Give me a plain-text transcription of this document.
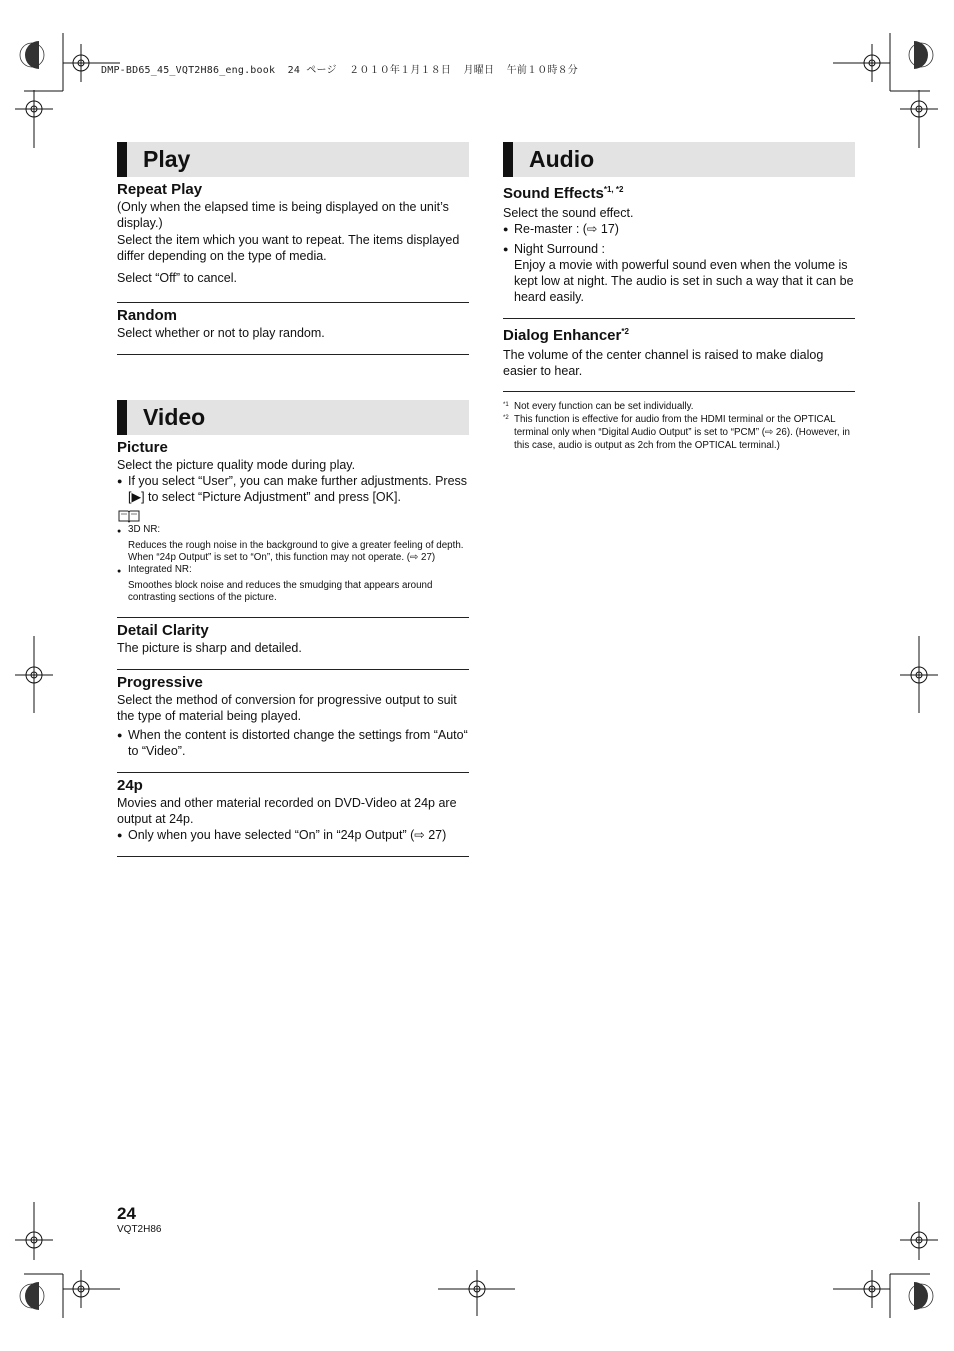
DMP-BD65_45_VQT2H86_eng.book  24 ページ  ２０１０年１月１８日  月曜日  午前１０時８分
Play
Repeat Play

(Only when the elapsed time is being displayed on the unit’s display.)

Select the item which you want to repeat. The items displayed differ depending on the type of media.

Select “Off” to cancel.

Random

Select whether or not to play random.

Video
Picture

Select the picture quality mode during play.

● If you select “User”, you can make further adjustments. Press [▶] to select “Picture Adjustment” and press [OK].
● 3D NR:
Reduces the rough noise in the background to give a greater feeling of depth.
When “24p Output” is set to “On”, this function may not operate. (⇨ 27)
● Integrated NR:
Smoothes block noise and reduces the smudging that appears around contrasting sections of the picture.
Detail Clarity

The picture is sharp and detailed.

Progressive

Select the method of conversion for progressive output to suit the type of material being played.

● When the content is distorted change the settings from “Auto“ to “Video”.
24p

Movies and other material recorded on DVD-Video at 24p are output at 24p.

● Only when you have selected “On” in “24p Output” (⇨ 27)
Audio
Sound Effects$^{*1, *2}$

Select the sound effect.

● Re-master : (⇨ 17)
● Night Surround :

Enjoy a movie with powerful sound even when the volume is kept low at night. The audio is set in such a way that it can be heard easily.

Dialog Enhancer$^{*2}$

The volume of the center channel is raised to make dialog easier to hear.

*1 Not every function can be set individually.
*2 This function is effective for audio from the HDMI terminal or the OPTICAL terminal only when “Digital Audio Output” is set to “PCM” (⇨ 26). (However, in this case, audio is output as 2ch from the OPTICAL terminal.)
24
VQT2H86
